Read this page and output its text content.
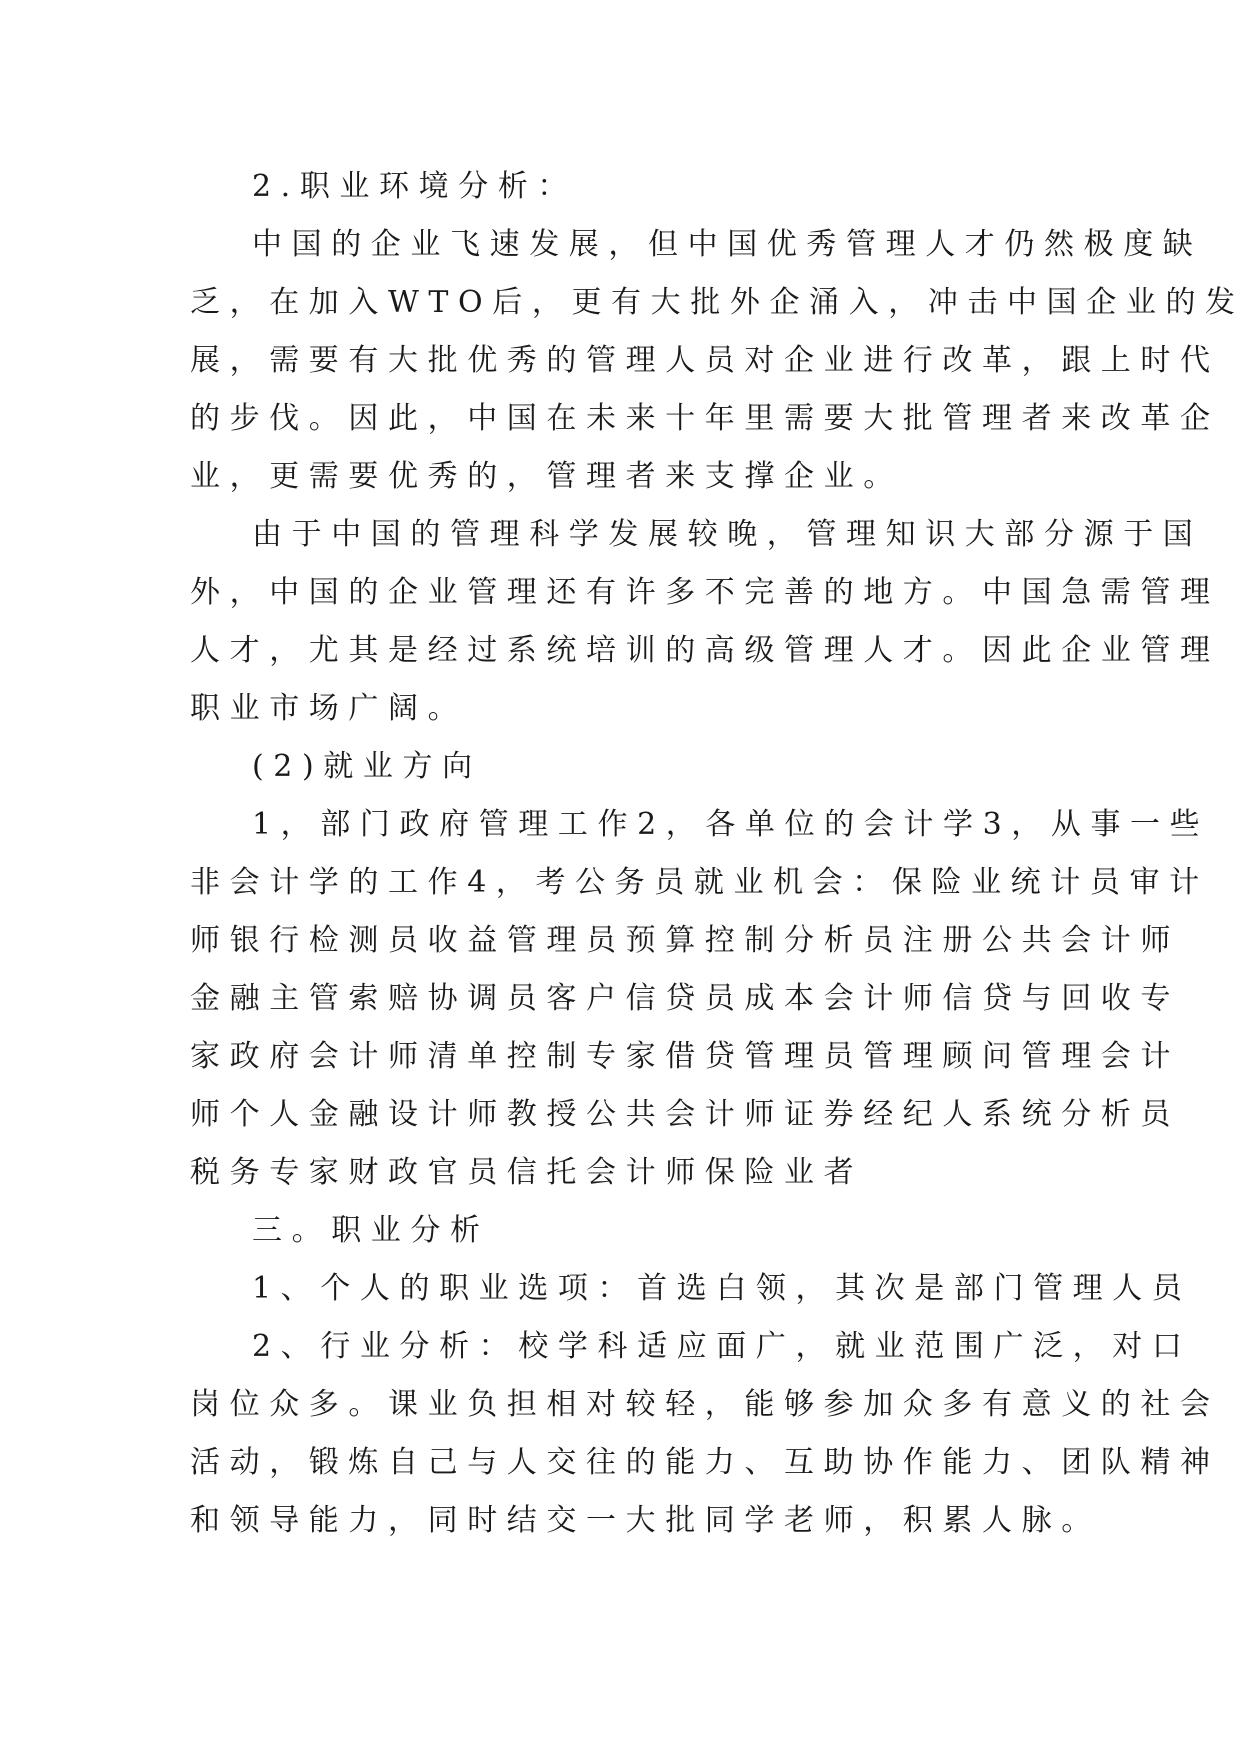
2.职业环境分析：
中国的企业飞速发展，但中国优秀管理人才仍然极度缺
乏，在加入WTO后，更有大批外企涌入，冲击中国企业的发
展，需要有大批优秀的管理人员对企业进行改革，跟上时代
的步伐。因此，中国在未来十年里需要大批管理者来改革企
业，更需要优秀的，管理者来支撑企业。
由于中国的管理科学发展较晚，管理知识大部分源于国
外，中国的企业管理还有许多不完善的地方。中国急需管理
人才，尤其是经过系统培训的高级管理人才。因此企业管理
职业市场广阔。
(2)就业方向
1，部门政府管理工作2，各单位的会计学3，从事一些
非会计学的工作4，考公务员就业机会：保险业统计员审计
师银行检测员收益管理员预算控制分析员注册公共会计师
金融主管索赔协调员客户信贷员成本会计师信贷与回收专
家政府会计师清单控制专家借贷管理员管理顾问管理会计
师个人金融设计师教授公共会计师证券经纪人系统分析员
税务专家财政官员信托会计师保险业者
三。职业分析
1、个人的职业选项：首选白领，其次是部门管理人员
2、行业分析：校学科适应面广，就业范围广泛，对口
岗位众多。课业负担相对较轻，能够参加众多有意义的社会
活动，锻炼自己与人交往的能力、互助协作能力、团队精神
和领导能力，同时结交一大批同学老师，积累人脉。
